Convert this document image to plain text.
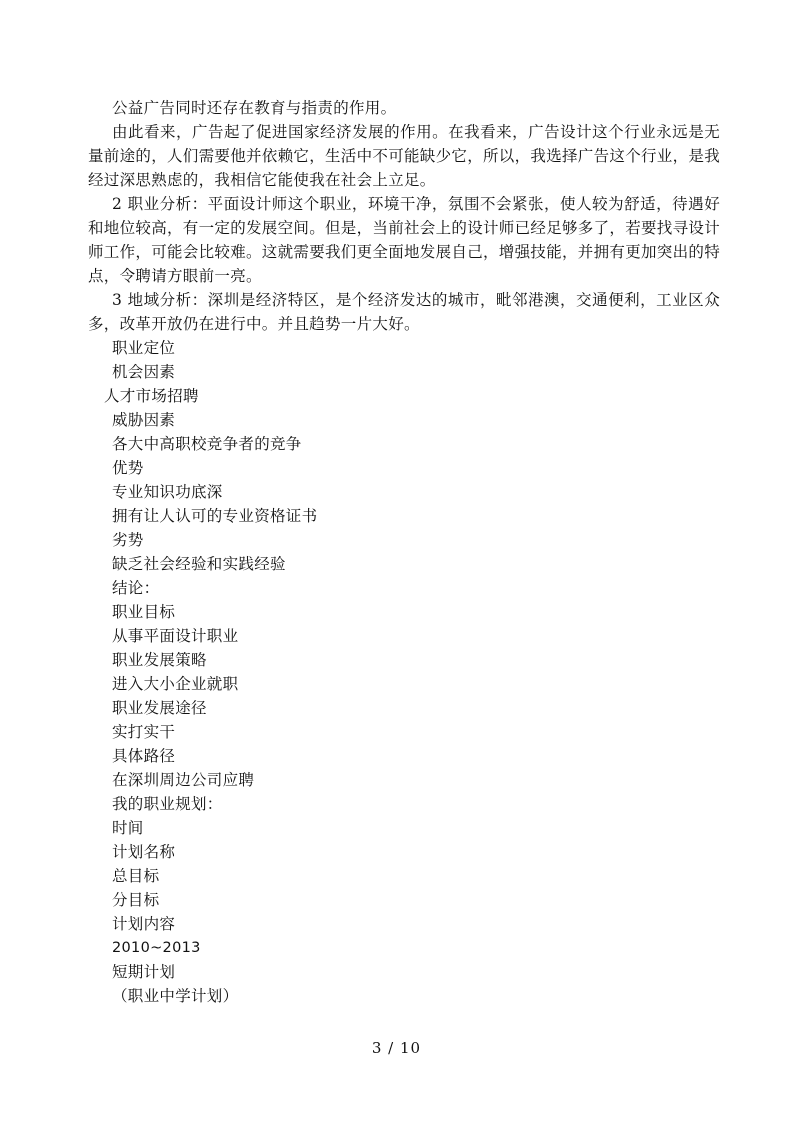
公益广告同时还存在教育与指责的作用。

由此看来，广告起了促进国家经济发展的作用。在我看来，广告设计这个行业永远是无量前途的，人们需要他并依赖它，生活中不可能缺少它，所以，我选择广告这个行业，是我经过深思熟虑的，我相信它能使我在社会上立足。

2 职业分析：平面设计师这个职业，环境干净，氛围不会紧张，使人较为舒适，待遇好和地位较高，有一定的发展空间。但是，当前社会上的设计师已经足够多了，若要找寻设计师工作，可能会比较难。这就需要我们更全面地发展自己，增强技能，并拥有更加突出的特点，令聘请方眼前一亮。

3 地域分析：深圳是经济特区，是个经济发达的城市，毗邻港澳，交通便利，工业区众多，改革开放仍在进行中。并且趋势一片大好。

职业定位

机会因素

人才市场招聘

威胁因素

各大中高职校竞争者的竞争

优势

专业知识功底深

拥有让人认可的专业资格证书

劣势

缺乏社会经验和实践经验

结论：

职业目标

从事平面设计职业

职业发展策略

进入大小企业就职

职业发展途径

实打实干

具体路径

在深圳周边公司应聘

我的职业规划：

时间

计划名称

总目标

分目标

计划内容

2010~2013

短期计划

（职业中学计划）

3 / 10
